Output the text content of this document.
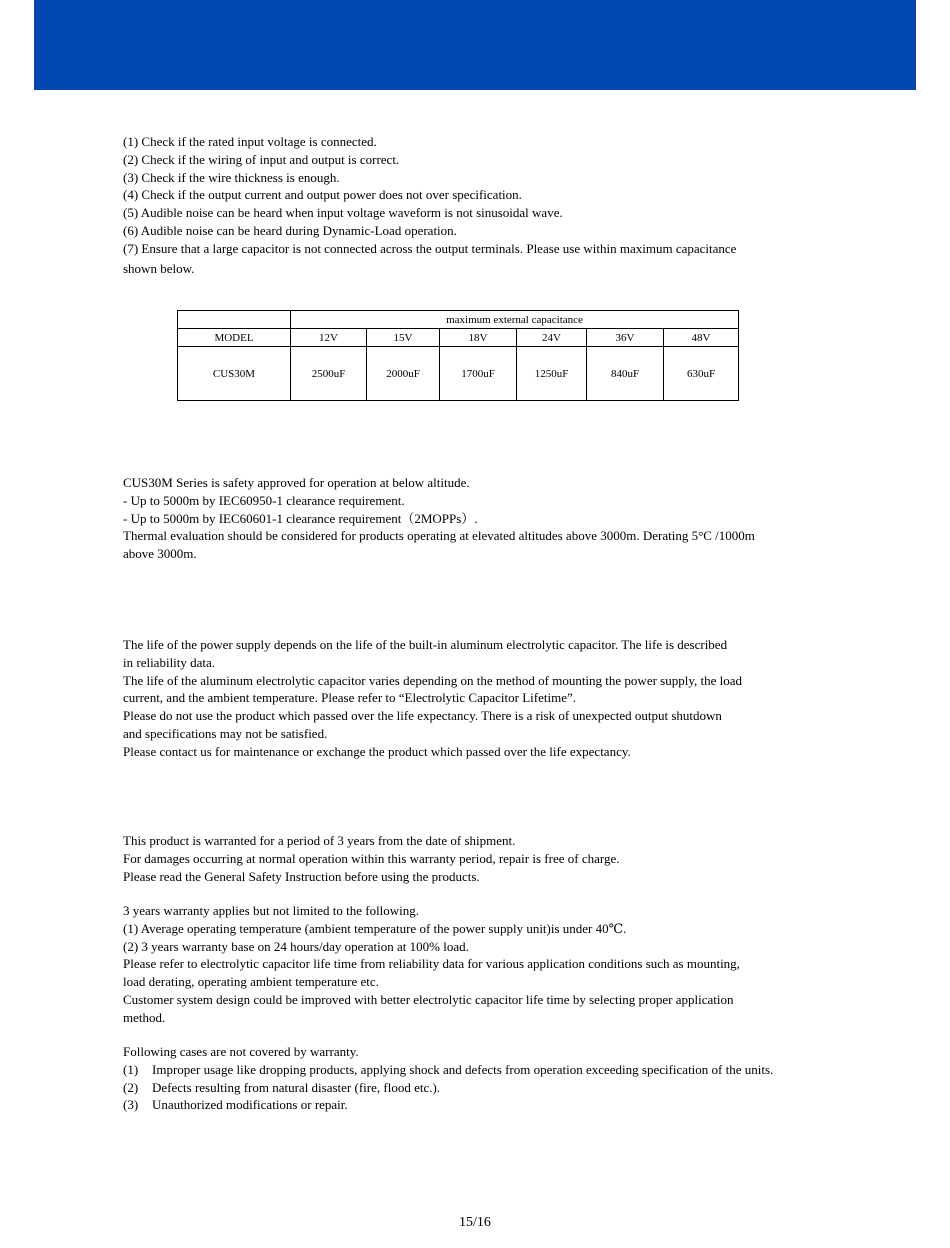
(1) Check if the rated input voltage is connected.

(2) Check if the wiring of input and output is correct.

(3) Check if the wire thickness is enough.

(4) Check if the output current and output power does not over specification.

(5) Audible noise can be heard when input voltage waveform is not sinusoidal wave.

(6) Audible noise can be heard during Dynamic-Load operation.

(7) Ensure that a large capacitor is not connected across the output terminals. Please use within maximum capacitance

shown below.

	maximum external capacitance					
MODEL	12V	15V	18V	24V	36V	48V
CUS30M	2500uF	2000uF	1700uF	1250uF	840uF	630uF

CUS30M Series is safety approved for operation at below altitude.

- Up to 5000m by IEC60950-1 clearance requirement.

- Up to 5000m by IEC60601-1 clearance requirement（2MOPPs）.

Thermal evaluation should be considered for products operating at elevated altitudes above 3000m. Derating 5°C /1000m

above 3000m.

The life of the power supply depends on the life of the built-in aluminum electrolytic capacitor. The life is described

in reliability data.

The life of the aluminum electrolytic capacitor varies depending on the method of mounting the power supply, the load

current, and the ambient temperature. Please refer to “Electrolytic Capacitor Lifetime”.

Please do not use the product which passed over the life expectancy. There is a risk of unexpected output shutdown

and specifications may not be satisfied.

Please contact us for maintenance or exchange the product which passed over the life expectancy.

This product is warranted for a period of 3 years from the date of shipment.

For damages occurring at normal operation within this warranty period, repair is free of charge.

Please read the General Safety Instruction before using the products.

3 years warranty applies but not limited to the following.

(1) Average operating temperature (ambient temperature of the power supply unit)is under 40℃.

(2) 3 years warranty base on 24 hours/day operation at 100% load.

Please refer to electrolytic capacitor life time from reliability data for various application conditions such as mounting,

load derating, operating ambient temperature etc.

Customer system design could be improved with better electrolytic capacitor life time by selecting proper application

method.

Following cases are not covered by warranty.

(1)	Improper usage like dropping products, applying shock and defects from operation exceeding specification of the units.
(2)	Defects resulting from natural disaster (fire, flood etc.).
(3)	Unauthorized modifications or repair.
15/16
